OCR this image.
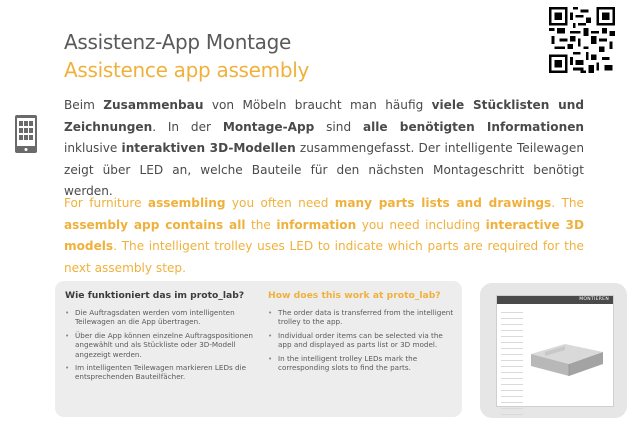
Assistenz-App Montage
Assistence app assembly

Beim Zusammenbau von Möbeln braucht man häufig viele Stücklisten und Zeichnungen. In der Montage-App sind alle benötigten Informationen inklusive interaktiven 3D-Modellen zusammengefasst. Der intelligente Teilewagen zeigt über LED an, welche Bauteile für den nächsten Montageschritt benötigt werden.

For furniture assembling you often need many parts lists and drawings. The assembly app contains all the information you need including interactive 3D models. The intelligent trolley uses LED to indicate which parts are required for the next assembly step.

Wie funktioniert das im proto_lab?
• Die Auftragsdaten werden vom intelligenten Teilewagen an die App übertragen.
• Über die App können einzelne Auftragspositionen angewählt und als Stückliste oder 3D-Modell angezeigt werden.
• Im intelligenten Teilewagen markieren LEDs die entsprechenden Bauteilfächer.
How does this work at proto_lab?
• The order data is transferred from the intelligent trolley to the app.
• Individual order items can be selected via the app and displayed as parts list or 3D model.
• In the intelligent trolley LEDs mark the corresponding slots to find the parts.
MONTIEREN
